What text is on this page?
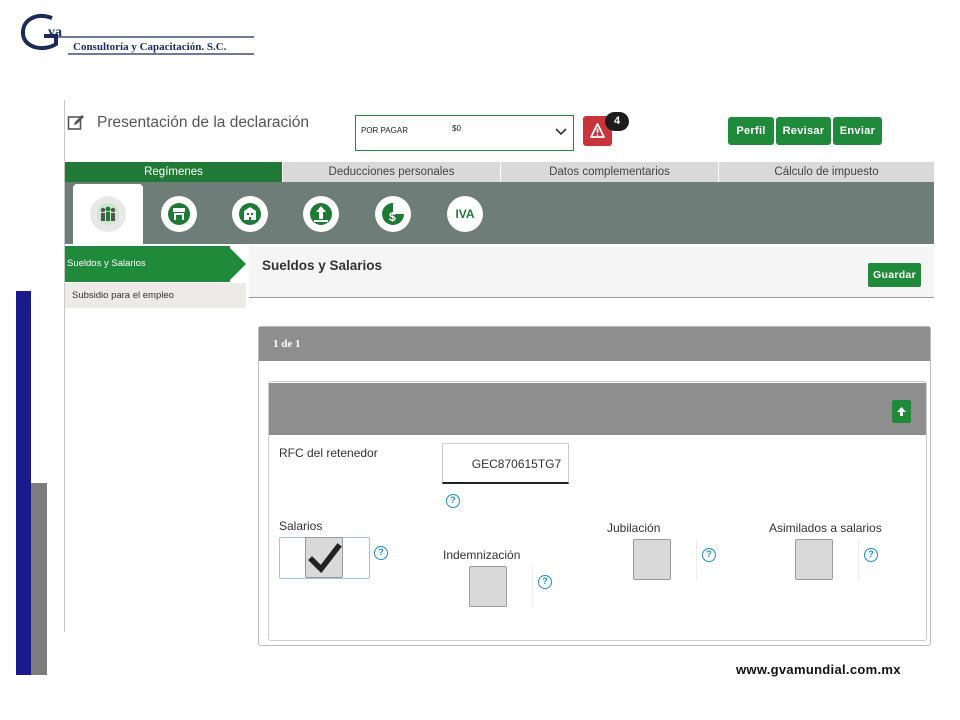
va
Consultoría y Capacitación. S.C.
Presentación de la declaración	POR PAGAR	$0
4
Perfil	Revisar	Enviar
Regímenes	Deducciones personales	Datos complementarios	Cálculo de impuesto
$	IVA
Sueldos y Salarios
Subsidio para el empleo
Sueldos y Salarios
Guardar
1 de 1
RFC del retenedor
GEC870615TG7
?
Salarios
?	Indemnización
?
Jubilación
?
Asimilados a salarios
?
www.gvamundial.com.mx
